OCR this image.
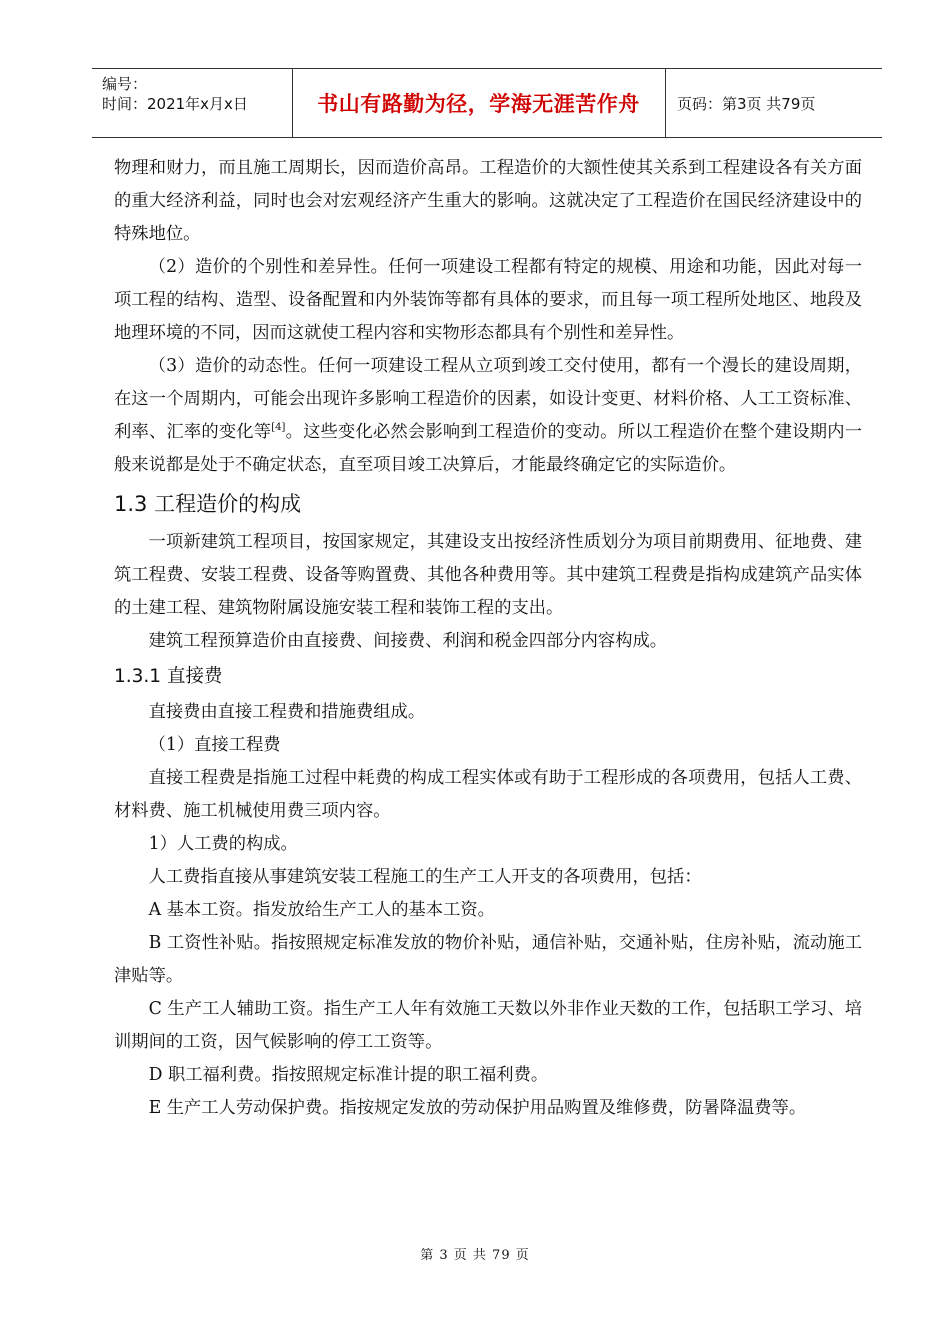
编号：
时间：2021年x月x日	书山有路勤为径，学海无涯苦作舟 页码：第3页 共79页

物理和财力，而且施工周期长，因而造价高昂。工程造价的大额性使其关系到工程建设各有关方面的重大经济利益，同时也会对宏观经济产生重大的影响。这就决定了工程造价在国民经济建设中的特殊地位。

（2）造价的个别性和差异性。任何一项建设工程都有特定的规模、用途和功能，因此对每一项工程的结构、造型、设备配置和内外装饰等都有具体的要求，而且每一项工程所处地区、地段及地理环境的不同，因而这就使工程内容和实物形态都具有个别性和差异性。

（3）造价的动态性。任何一项建设工程从立项到竣工交付使用，都有一个漫长的建设周期，在这一个周期内，可能会出现许多影响工程造价的因素，如设计变更、材料价格、人工工资标准、利率、汇率的变化等[4]。这些变化必然会影响到工程造价的变动。所以工程造价在整个建设期内一般来说都是处于不确定状态，直至项目竣工决算后，才能最终确定它的实际造价。

1.3 工程造价的构成

一项新建筑工程项目，按国家规定，其建设支出按经济性质划分为项目前期费用、征地费、建筑工程费、安装工程费、设备等购置费、其他各种费用等。其中建筑工程费是指构成建筑产品实体的土建工程、建筑物附属设施安装工程和装饰工程的支出。

建筑工程预算造价由直接费、间接费、利润和税金四部分内容构成。

1.3.1 直接费

直接费由直接工程费和措施费组成。

（1）直接工程费

直接工程费是指施工过程中耗费的构成工程实体或有助于工程形成的各项费用，包括人工费、材料费、施工机械使用费三项内容。

1）人工费的构成。

人工费指直接从事建筑安装工程施工的生产工人开支的各项费用，包括：

A 基本工资。指发放给生产工人的基本工资。

B 工资性补贴。指按照规定标准发放的物价补贴，通信补贴，交通补贴，住房补贴，流动施工津贴等。

C 生产工人辅助工资。指生产工人年有效施工天数以外非作业天数的工作，包括职工学习、培训期间的工资，因气候影响的停工工资等。

D 职工福利费。指按照规定标准计提的职工福利费。

E 生产工人劳动保护费。指按规定发放的劳动保护用品购置及维修费，防暑降温费等。

第 3 页 共 79 页
